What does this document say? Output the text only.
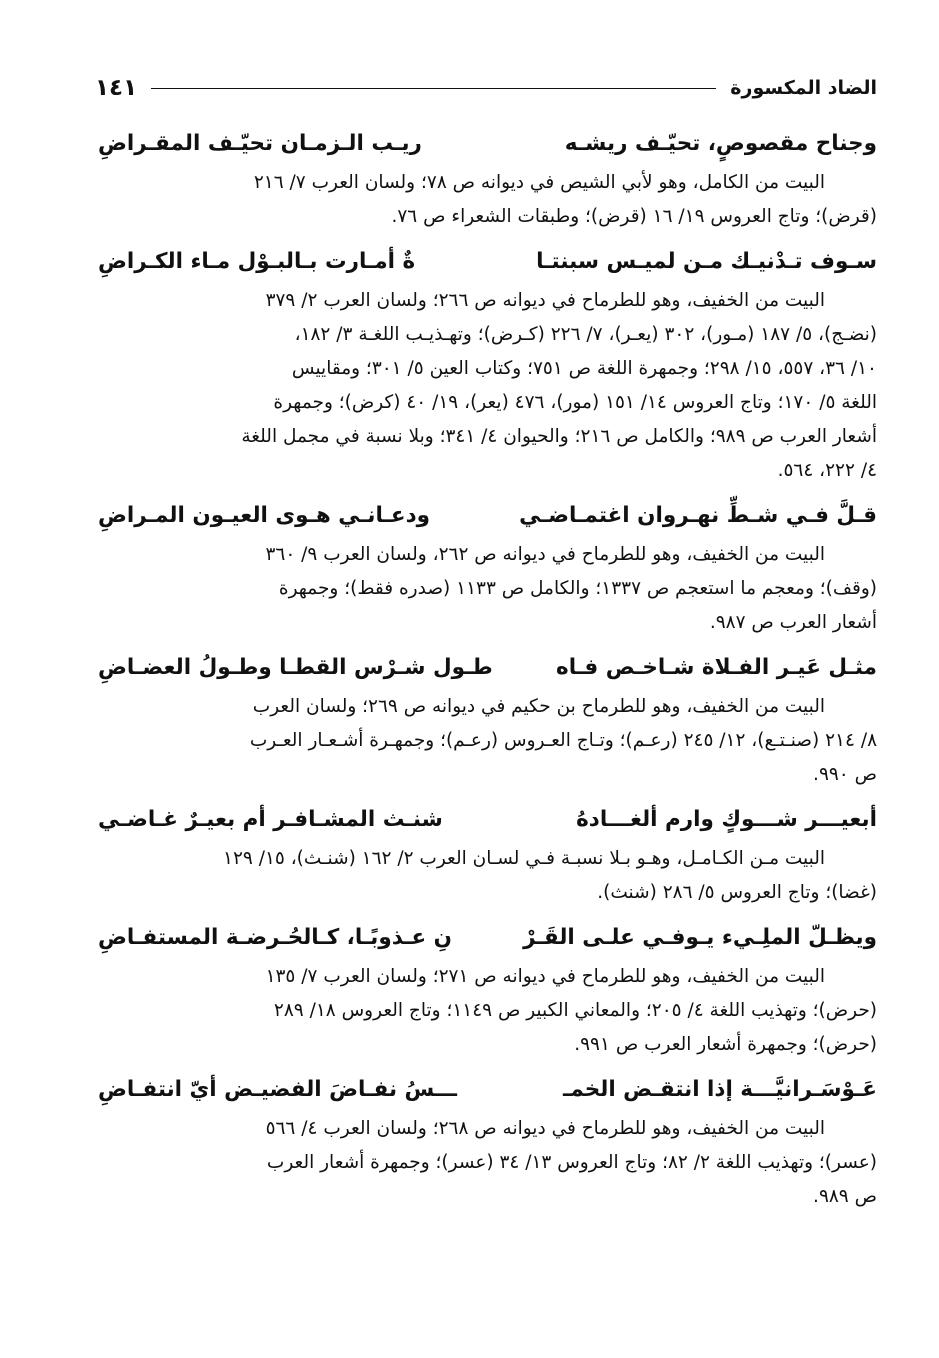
الضاد المكسورة
١٤١
وجناح مقصوصٍ، تحيّـف ريشـه
ريـب الـزمـان تحيّـف المقـراضِ
البيت من الكامل، وهو لأبي الشيص في ديوانه ص ٧٨؛ ولسان العرب ٧/ ٢١٦
(قرض)؛ وتاج العروس ١٩/ ١٦ (قرض)؛ وطبقات الشعراء ص ٧٦.
سـوف تـدْنيـك مـن لميـس سبنتـا
ةٌ أمـارت بـالبـوْل مـاء الكـراضِ
البيت من الخفيف، وهو للطرماح في ديوانه ص ٢٦٦؛ ولسان العرب ٢/ ٣٧٩
(نضـج)، ٥/ ١٨٧ (مـور)، ٣٠٢ (يعـر)، ٧/ ٢٢٦ (كـرض)؛ وتهـذيـب اللغـة ٣/ ١٨٢،
١٠/ ٣٦، ٥٥٧، ١٥/ ٢٩٨؛ وجمهرة اللغة ص ٧٥١؛ وكتاب العين ٥/ ٣٠١؛ ومقاييس
اللغة ٥/ ١٧٠؛ وتاج العروس ١٤/ ١٥١ (مور)، ٤٧٦ (يعر)، ١٩/ ٤٠ (كرض)؛ وجمهرة
أشعار العرب ص ٩٨٩؛ والكامل ص ٢١٦؛ والحيوان ٤/ ٣٤١؛ وبلا نسبة في مجمل اللغة
٤/ ٢٢٢، ٥٦٤.
قـلَّ فـي شـطِّ نهـروان اغتمـاضـي
ودعـانـي هـوى العيـون المـراضِ
البيت من الخفيف، وهو للطرماح في ديوانه ص ٢٦٢، ولسان العرب ٩/ ٣٦٠
(وقف)؛ ومعجم ما استعجم ص ١٣٣٧؛ والكامل ص ١١٣٣ (صدره فقط)؛ وجمهرة
أشعار العرب ص ٩٨٧.
مثـل عَيـر الفـلاة شـاخـص فـاه
طـول شـرْس القطـا وطـولُ العضـاضِ
البيت من الخفيف، وهو للطرماح بن حكيم في ديوانه ص ٢٦٩؛ ولسان العرب
٨/ ٢١٤ (صنـتـع)، ١٢/ ٢٤٥ (رعـم)؛ وتـاج العـروس (رعـم)؛ وجمهـرة أشـعـار العـرب
ص ٩٩٠.
أبعيـــر شـــوكٍ وارم ألغـــادهُ
شنـث المشـافـر أم بعيـرٌ غـاضـي
البيت مـن الكـامـل، وهـو بـلا نسبـة فـي لسـان العرب ٢/ ١٦٢ (شنـث)، ١٥/ ١٢٩
(غضا)؛ وتاج العروس ٥/ ٢٨٦ (شنث).
ويظـلّ الملِـيء يـوفـي علـى القَـرْ
نِ عـذوبًـا، كـالحُـرضـة المستفـاضِ
البيت من الخفيف، وهو للطرماح في ديوانه ص ٢٧١؛ ولسان العرب ٧/ ١٣٥
(حرض)؛ وتهذيب اللغة ٤/ ٢٠٥؛ والمعاني الكبير ص ١١٤٩؛ وتاج العروس ١٨/ ٢٨٩
(حرض)؛ وجمهرة أشعار العرب ص ٩٩١.
عَـوْسَـرانيَّـــة إذا انتقـض الخمـ
ـــسُ نفـاضَ الفضيـض أيّ انتفـاضِ
البيت من الخفيف، وهو للطرماح في ديوانه ص ٢٦٨؛ ولسان العرب ٤/ ٥٦٦
(عسر)؛ وتهذيب اللغة ٢/ ٨٢؛ وتاج العروس ١٣/ ٣٤ (عسر)؛ وجمهرة أشعار العرب
ص ٩٨٩.
